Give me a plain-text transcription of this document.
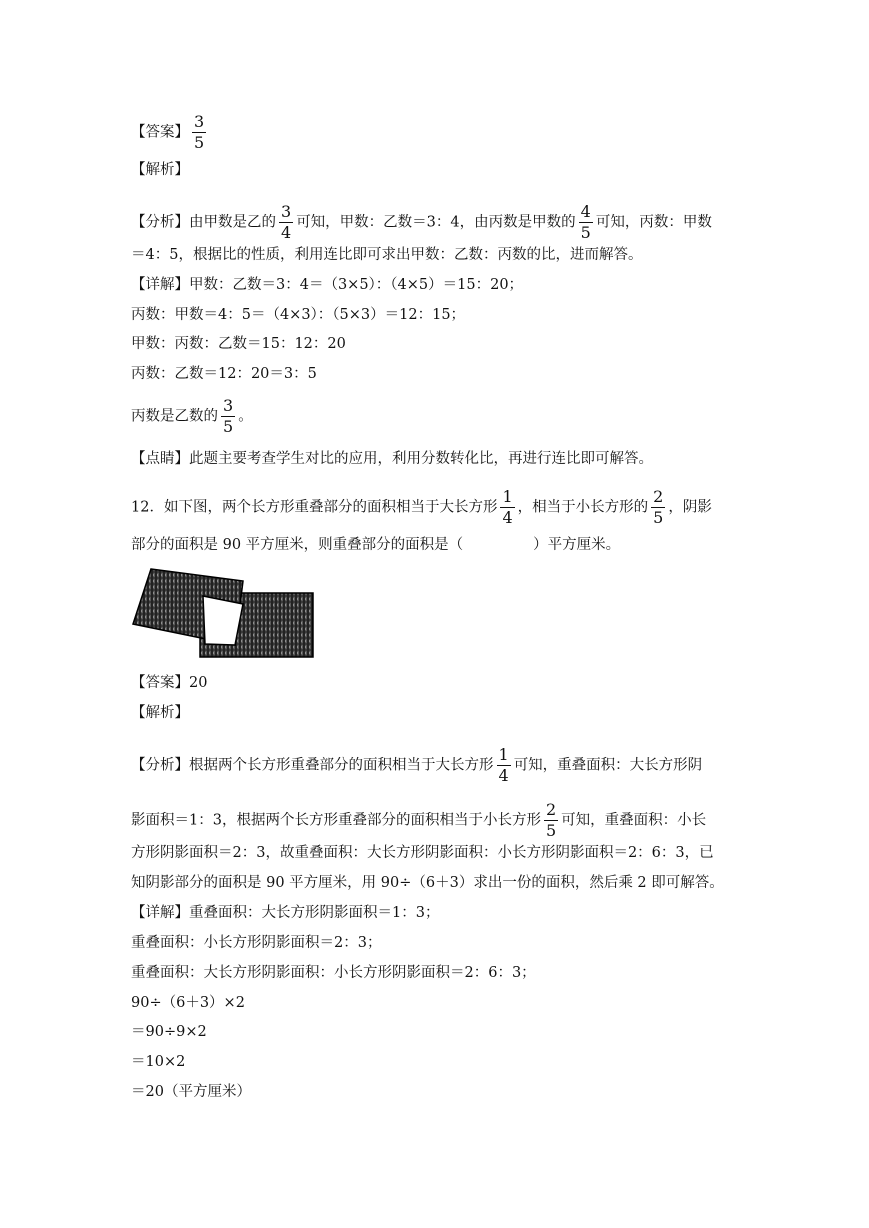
【答案】 $\frac{3}{5}$
【解析】
【分析】由甲数是乙的 $\frac{3}{4}$ 可知，甲数：乙数＝3：4，由丙数是甲数的 $\frac{4}{5}$ 可知，丙数：甲数
＝4：5，根据比的性质，利用连比即可求出甲数：乙数：丙数的比，进而解答。
【详解】甲数：乙数＝3：4＝（3×5）：（4×5）＝15：20；
丙数：甲数＝4：5＝（4×3）：（5×3）＝12：15；
甲数：丙数：乙数＝15：12：20
丙数：乙数＝12：20＝3：5
丙数是乙数的 $\frac{3}{5}$ 。
【点睛】此题主要考查学生对比的应用，利用分数转化比，再进行连比即可解答。
12．如下图，两个长方形重叠部分的面积相当于大长方形 $\frac{1}{4}$ ，相当于小长方形的 $\frac{2}{5}$ ，阴影
部分的面积是 90 平方厘米，则重叠部分的面积是（	）平方厘米。
【答案】20
【解析】
【分析】根据两个长方形重叠部分的面积相当于大长方形 $\frac{1}{4}$ 可知，重叠面积：大长方形阴
影面积＝1：3，根据两个长方形重叠部分的面积相当于小长方形 $\frac{2}{5}$ 可知，重叠面积：小长
方形阴影面积＝2：3，故重叠面积：大长方形阴影面积：小长方形阴影面积＝2：6：3，已
知阴影部分的面积是 90 平方厘米，用 90÷（6＋3）求出一份的面积，然后乘 2 即可解答。
【详解】重叠面积：大长方形阴影面积＝1：3；
重叠面积：小长方形阴影面积＝2：3；
重叠面积：大长方形阴影面积：小长方形阴影面积＝2：6：3；
90÷（6＋3）×2
＝90÷9×2
＝10×2
＝20（平方厘米）
